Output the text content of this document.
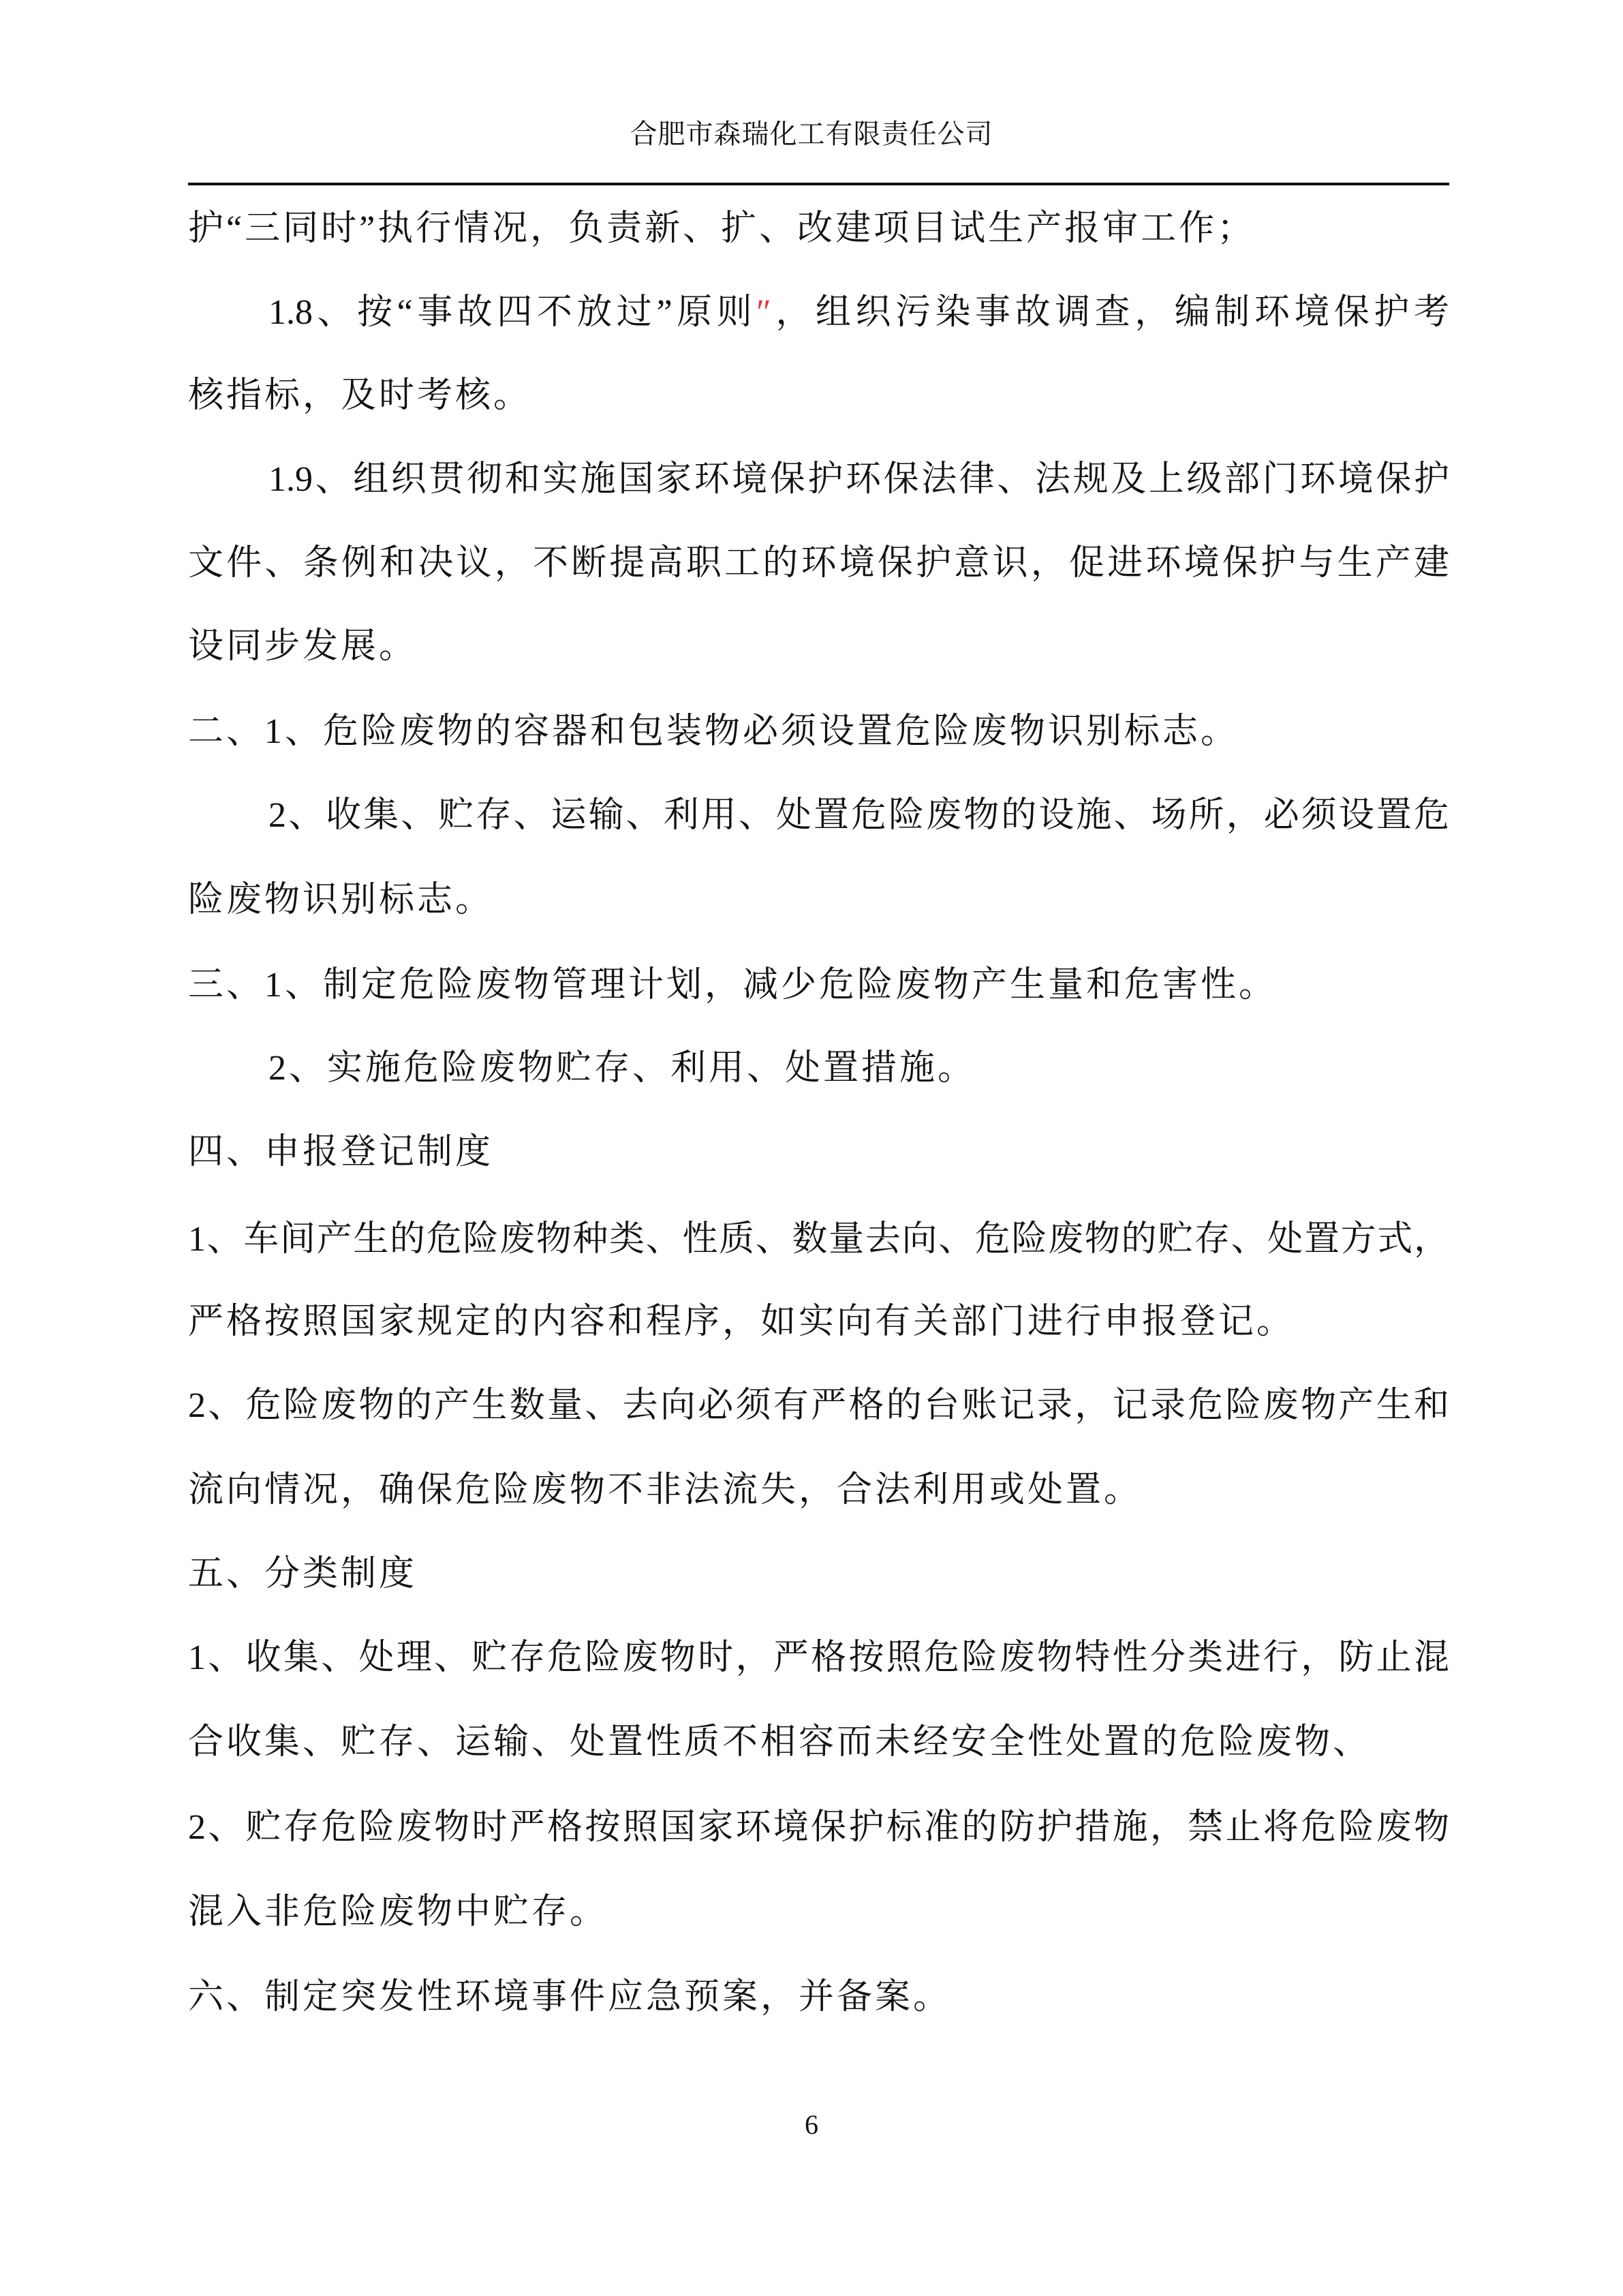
合肥市森瑞化工有限责任公司
护“三同时”执行情况，负责新、扩、改建项目试生产报审工作；
1.8、按“事故四不放过”原则″，组织污染事故调查，编制环境保护考
核指标，及时考核。
1.9、组织贯彻和实施国家环境保护环保法律、法规及上级部门环境保护
文件、条例和决议，不断提高职工的环境保护意识，促进环境保护与生产建
设同步发展。
二、1、危险废物的容器和包装物必须设置危险废物识别标志。
2、收集、贮存、运输、利用、处置危险废物的设施、场所，必须设置危
险废物识别标志。
三、1、制定危险废物管理计划，减少危险废物产生量和危害性。
2、实施危险废物贮存、利用、处置措施。
四、申报登记制度
1、车间产生的危险废物种类、性质、数量去向、危险废物的贮存、处置方式，
严格按照国家规定的内容和程序，如实向有关部门进行申报登记。
2、危险废物的产生数量、去向必须有严格的台账记录，记录危险废物产生和
流向情况，确保危险废物不非法流失，合法利用或处置。
五、分类制度
1、收集、处理、贮存危险废物时，严格按照危险废物特性分类进行，防止混
合收集、贮存、运输、处置性质不相容而未经安全性处置的危险废物、
2、贮存危险废物时严格按照国家环境保护标准的防护措施，禁止将危险废物
混入非危险废物中贮存。
六、制定突发性环境事件应急预案，并备案。
6
